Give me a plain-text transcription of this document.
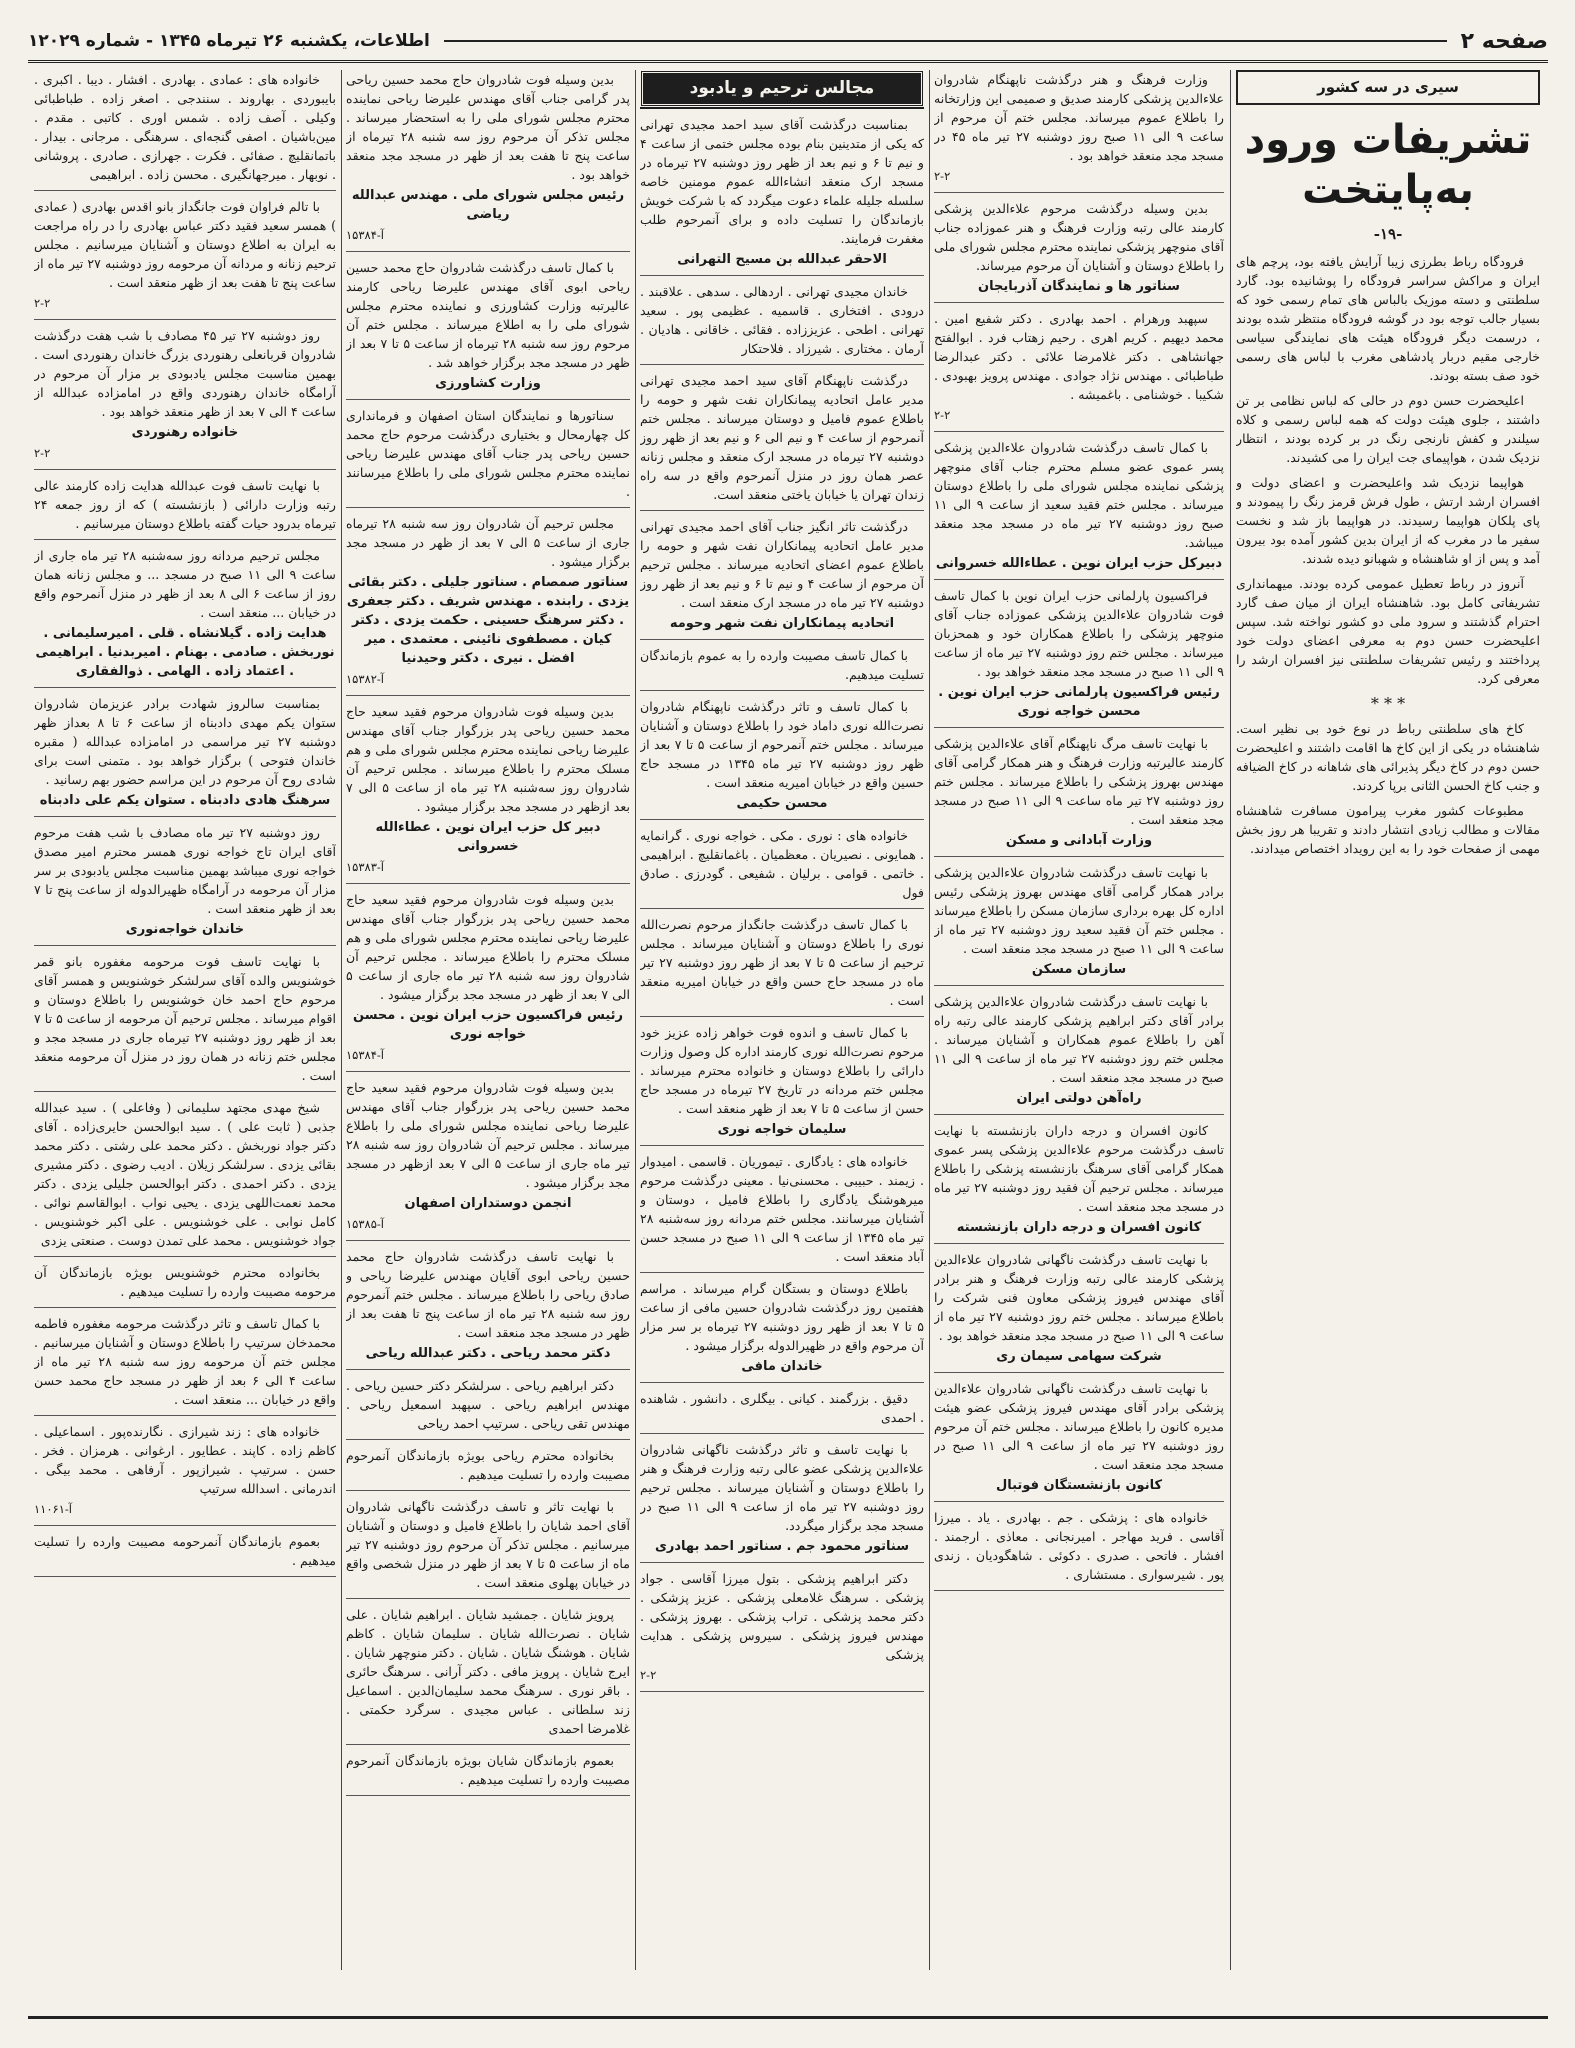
صفحه ۲
اطلاعات، یکشنبه ۲۶ تیرماه ۱۳۴۵ - شماره ۱۲۰۲۹
سیری در سه کشور
تشریفات ورود به‌پایتخت
-۱۹-

فرودگاه رباط بطرزی زیبا آرایش یافته بود، پرچم های ایران و مراکش سراسر فرودگاه را پوشانیده بود. گارد سلطنتی و دسته موزیک بالباس های تمام رسمی خود که بسیار جالب توجه بود در گوشه فرودگاه منتظر شده بودند ، درسمت دیگر فرودگاه هیئت های نمایندگی سیاسی خارجی مقیم دربار پادشاهی مغرب با لباس های رسمی خود صف بسته بودند.

اعلیحضرت حسن دوم در حالی که لباس نظامی بر تن داشتند ، جلوی هیئت دولت که همه لباس رسمی و کلاه سیلندر و کفش نارنجی رنگ در بر کرده بودند ، انتظار نزدیک شدن ، هواپیمای جت ایران را می کشیدند.

هواپیما نزدیک شد واعلیحضرت و اعضای دولت و افسران ارشد ارتش ، طول فرش قرمز رنگ را پیمودند و پای پلکان هواپیما رسیدند. در هواپیما باز شد و نخست سفیر ما در مغرب که از ایران بدین کشور آمده بود بیرون آمد و پس از او شاهنشاه و شهبانو دیده شدند.

آنروز در رباط تعطیل عمومی کرده بودند. میهمانداری تشریفاتی کامل بود. شاهنشاه ایران از میان صف گارد احترام گذشتند و سرود ملی دو کشور نواخته شد. سپس اعلیحضرت حسن دوم به معرفی اعضای دولت خود پرداختند و رئیس تشریفات سلطنتی نیز افسران ارشد را معرفی کرد.

* * *

کاخ های سلطنتی رباط در نوع خود بی نظیر است. شاهنشاه در یکی از این کاخ ها اقامت داشتند و اعلیحضرت حسن دوم در کاخ دیگر پذیرائی های شاهانه در کاخ الضیافه و جنب کاخ الحسن الثانی برپا کردند.

مطبوعات کشور مغرب پیرامون مسافرت شاهنشاه مقالات و مطالب زیادی انتشار دادند و تقریبا هر روز بخش مهمی از صفحات خود را به این رویداد اختصاص میدادند.

وزارت فرهنگ و هنر درگذشت ناپهنگام شادروان علاءالدین پزشکی کارمند صدیق و صمیمی این وزارتخانه را باطلاع عموم میرساند. مجلس ختم آن مرحوم از ساعت ۹ الی ۱۱ صبح روز دوشنبه ۲۷ تیر ماه ۴۵ در مسجد مجد منعقد خواهد بود .

۲-۲

بدین وسیله درگذشت مرحوم علاءالدین پزشکی کارمند عالی رتبه وزارت فرهنگ و هنر عموزاده جناب آقای منوچهر پزشکی نماینده محترم مجلس شورای ملی را باطلاع دوستان و آشنایان آن مرحوم میرساند.

سناتور ها و نمایندگان آذربایجان

سپهبد ورهرام . احمد بهادری . دکتر شفیع امین . محمد دیهیم . کریم اهری . رحیم زهتاب فرد . ابوالفتح جهانشاهی . دکتر غلامرضا علائی . دکتر عبدالرضا طباطبائی . مهندس نژاد جوادی . مهندس پرویز بهبودی . شکیبا . خوشنامی . باغمیشه .

۲-۲

با کمال تاسف درگذشت شادروان علاءالدین پزشکی پسر عموی عضو مسلم محترم جناب آقای منوچهر پزشکی نماینده مجلس شورای ملی را باطلاع دوستان میرساند . مجلس ختم فقید سعید از ساعت ۹ الی ۱۱ صبح روز دوشنبه ۲۷ تیر ماه در مسجد مجد منعقد میباشد.

دبیرکل حزب ایران نوین . عطاءالله خسروانی

فراکسیون پارلمانی حزب ایران نوین با کمال تاسف فوت شادروان علاءالدین پزشکی عموزاده جناب آقای منوچهر پزشکی را باطلاع همکاران خود و همحزبان میرساند . مجلس ختم روز دوشنبه ۲۷ تیر ماه از ساعت ۹ الی ۱۱ صبح در مسجد مجد منعقد خواهد بود .

رئیس فراکسیون پارلمانی حزب ایران نوین . محسن خواجه نوری

با نهایت تاسف مرگ ناپهنگام آقای علاءالدین پزشکی کارمند عالیرتبه وزارت فرهنگ و هنر همکار گرامی آقای مهندس بهروز پزشکی را باطلاع میرساند . مجلس ختم روز دوشنبه ۲۷ تیر ماه ساعت ۹ الی ۱۱ صبح در مسجد مجد منعقد است .

وزارت آبادانی و مسکن

با نهایت تاسف درگذشت شادروان علاءالدین پزشکی برادر همکار گرامی آقای مهندس بهروز پزشکی رئیس اداره کل بهره برداری سازمان مسکن را باطلاع میرساند . مجلس ختم آن فقید سعید روز دوشنبه ۲۷ تیر ماه از ساعت ۹ الی ۱۱ صبح در مسجد مجد منعقد است .

سازمان مسکن

با نهایت تاسف درگذشت شادروان علاءالدین پزشکی برادر آقای دکتر ابراهیم پزشکی کارمند عالی رتبه راه آهن را باطلاع عموم همکاران و آشنایان میرساند . مجلس ختم روز دوشنبه ۲۷ تیر ماه از ساعت ۹ الی ۱۱ صبح در مسجد مجد منعقد است .

راه‌آهن دولتی ایران

کانون افسران و درجه داران بازنشسته با نهایت تاسف درگذشت مرحوم علاءالدین پزشکی پسر عموی همکار گرامی آقای سرهنگ بازنشسته پزشکی را باطلاع میرساند . مجلس ترحیم آن فقید روز دوشنبه ۲۷ تیر ماه در مسجد مجد منعقد است .

کانون افسران و درجه داران بازنشسته

با نهایت تاسف درگذشت ناگهانی شادروان علاءالدین پزشکی کارمند عالی رتبه وزارت فرهنگ و هنر برادر آقای مهندس فیروز پزشکی معاون فنی شرکت را باطلاع میرساند . مجلس ختم روز دوشنبه ۲۷ تیر ماه از ساعت ۹ الی ۱۱ صبح در مسجد مجد منعقد خواهد بود .

شرکت سهامی سیمان ری

با نهایت تاسف درگذشت ناگهانی شادروان علاءالدین پزشکی برادر آقای مهندس فیروز پزشکی عضو هیئت مدیره کانون را باطلاع میرساند . مجلس ختم آن مرحوم روز دوشنبه ۲۷ تیر ماه از ساعت ۹ الی ۱۱ صبح در مسجد مجد منعقد است .

کانون بازنشستگان فوتبال

خانواده های : پزشکی . جم . بهادری . یاد . میرزا آقاسی . فرید مهاجر . امیرنجانی . معاذی . ارجمند . افشار . فاتحی . صدری . دکوئی . شاهگودیان . زندی پور . شیرسواری . مستشاری .

مجالس ترحیم و یادبود

بمناسبت درگذشت آقای سید احمد مجیدی تهرانی که یکی از متدینین بنام بوده مجلس ختمی از ساعت ۴ و نیم تا ۶ و نیم بعد از ظهر روز دوشنبه ۲۷ تیرماه در مسجد ارک منعقد انشاءالله عموم مومنین خاصه سلسله جلیله علماء دعوت میگردد که با شرکت خویش بازماندگان را تسلیت داده و برای آنمرحوم طلب مغفرت فرمایند.

الاحقر عبدالله بن مسیح التهرانی

خاندان مجیدی تهرانی . اردهالی . سدهی . علاقبند . درودی . افتخاری . قاسمیه . عظیمی پور . سعید تهرانی . اطحی . عزیززاده . فقائی . خاقانی . هادیان . آرمان . مختاری . شیرزاد . فلاحتکار

درگذشت ناپهنگام آقای سید احمد مجیدی تهرانی مدیر عامل اتحادیه پیمانکاران نفت شهر و حومه را باطلاع عموم فامیل و دوستان میرساند . مجلس ختم آنمرحوم از ساعت ۴ و نیم الی ۶ و نیم بعد از ظهر روز دوشنبه ۲۷ تیرماه در مسجد ارک منعقد و مجلس زنانه عصر همان روز در منزل آنمرحوم واقع در سه راه زندان تهران یا خیابان یاختی منعقد است.

درگذشت تاثر انگیز جناب آقای احمد مجیدی تهرانی مدیر عامل اتحادیه پیمانکاران نفت شهر و حومه را باطلاع عموم اعضای اتحادیه میرساند . مجلس ترحیم آن مرحوم از ساعت ۴ و نیم تا ۶ و نیم بعد از ظهر روز دوشنبه ۲۷ تیر ماه در مسجد ارک منعقد است .

اتحادیه پیمانکاران نفت شهر وحومه

با کمال تاسف مصیبت وارده را به عموم بازماندگان تسلیت میدهیم.

با کمال تاسف و تاثر درگذشت ناپهنگام شادروان نصرت‌الله نوری داماد خود را باطلاع دوستان و آشنایان میرساند . مجلس ختم آنمرحوم از ساعت ۵ تا ۷ بعد از ظهر روز دوشنبه ۲۷ تیر ماه ۱۳۴۵ در مسجد حاج حسین واقع در خیابان امیریه منعقد است .

محسن حکیمی

خانواده های : نوری . مکی . خواجه نوری . گرانمایه . همایونی . نصیریان . معظمیان . باغمانقلیچ . ابراهیمی . خاتمی . قوامی . برلیان . شفیعی . گودرزی . صادق فول

با کمال تاسف درگذشت جانگداز مرحوم نصرت‌الله نوری را باطلاع دوستان و آشنایان میرساند . مجلس ترحیم از ساعت ۵ تا ۷ بعد از ظهر روز دوشنبه ۲۷ تیر ماه در مسجد حاج حسن واقع در خیابان امیریه منعقد است .

با کمال تاسف و اندوه فوت خواهر زاده عزیز خود مرحوم نصرت‌الله نوری کارمند اداره کل وصول وزارت دارائی را باطلاع دوستان و خانواده محترم میرساند . مجلس ختم مردانه در تاریخ ۲۷ تیرماه در مسجد حاج حسن از ساعت ۵ تا ۷ بعد از ظهر منعقد است .

سلیمان خواجه نوری

خانواده های : یادگاری . تیموریان . قاسمی . امیدوار . زیمند . حبیبی . محسنی‌نیا . معینی درگذشت مرحوم میرهوشنگ یادگاری را باطلاع فامیل ، دوستان و آشنایان میرسانند. مجلس ختم مردانه روز سه‌شنبه ۲۸ تیر ماه ۱۳۴۵ از ساعت ۹ الی ۱۱ صبح در مسجد حسن آباد منعقد است .

باطلاع دوستان و بستگان گرام میرساند . مراسم هفتمین روز درگذشت شادروان حسین مافی از ساعت ۵ تا ۷ بعد از ظهر روز دوشنبه ۲۷ تیرماه بر سر مزار آن مرحوم واقع در ظهیرالدوله برگزار میشود .

خاندان مافی

دقیق . بزرگمند . کیانی . بیگلری . دانشور . شاهنده . احمدی

با نهایت تاسف و تاثر درگذشت ناگهانی شادروان علاءالدین پزشکی عضو عالی رتبه وزارت فرهنگ و هنر را باطلاع دوستان و آشنایان میرساند . مجلس ترحیم روز دوشنبه ۲۷ تیر ماه از ساعت ۹ الی ۱۱ صبح در مسجد مجد برگزار میگردد.

سناتور محمود جم . سناتور احمد بهادری

دکتر ابراهیم پزشکی . بتول میرزا آقاسی . جواد پزشکی . سرهنگ غلامعلی پزشکی . عزیز پزشکی . دکتر محمد پزشکی . تراب پزشکی . بهروز پزشکی . مهندس فیروز پزشکی . سیروس پزشکی . هدایت پزشکی

۲-۲

بدین وسیله فوت شادروان حاج محمد حسین ریاحی پدر گرامی جناب آقای مهندس علیرضا ریاحی نماینده محترم مجلس شورای ملی را به استحضار میرساند . مجلس تذکر آن مرحوم روز سه شنبه ۲۸ تیرماه از ساعت پنج تا هفت بعد از ظهر در مسجد مجد منعقد خواهد بود .

رئیس مجلس شورای ملی . مهندس عبدالله ریاضی
آ-۱۵۳۸۴

با کمال تاسف درگذشت شادروان حاج محمد حسین ریاحی ابوی آقای مهندس علیرضا ریاحی کارمند عالیرتبه وزارت کشاورزی و نماینده محترم مجلس شورای ملی را به اطلاع میرساند . مجلس ختم آن مرحوم روز سه شنبه ۲۸ تیرماه از ساعت ۵ تا ۷ بعد از ظهر در مسجد مجد برگزار خواهد شد .

وزارت کشاورزی

سناتورها و نمایندگان استان اصفهان و فرمانداری کل چهارمحال و بختیاری درگذشت مرحوم حاج محمد حسین ریاحی پدر جناب آقای مهندس علیرضا ریاحی نماینده محترم مجلس شورای ملی را باطلاع میرسانند .

مجلس ترحیم آن شادروان روز سه شنبه ۲۸ تیرماه جاری از ساعت ۵ الی ۷ بعد از ظهر در مسجد مجد برگزار میشود .

سناتور صمصام . سناتور جلیلی . دکتر بقائی یزدی . رابنده . مهندس شریف . دکتر جعفری . دکتر سرهنگ حسینی . حکمت یزدی . دکتر کیان . مصطفوی نائینی . معتمدی . میر افضل . نیری . دکتر وحیدنیا
آ-۱۵۳۸۲

بدین وسیله فوت شادروان مرحوم فقید سعید حاج محمد حسین ریاحی پدر بزرگوار جناب آقای مهندس علیرضا ریاحی نماینده محترم مجلس شورای ملی و هم مسلک محترم را باطلاع میرساند . مجلس ترحیم آن شادروان روز سه‌شنبه ۲۸ تیر ماه از ساعت ۵ الی ۷ بعد ازظهر در مسجد مجد برگزار میشود .

دبیر کل حزب ایران نوین . عطاءالله خسروانی
آ-۱۵۳۸۳

بدین وسیله فوت شادروان مرحوم فقید سعید حاج محمد حسین ریاحی پدر بزرگوار جناب آقای مهندس علیرضا ریاحی نماینده محترم مجلس شورای ملی و هم مسلک محترم را باطلاع میرساند . مجلس ترحیم آن شادروان روز سه شنبه ۲۸ تیر ماه جاری از ساعت ۵ الی ۷ بعد از ظهر در مسجد مجد برگزار میشود .

رئیس فراکسیون حزب ایران نوین . محسن خواجه نوری
آ-۱۵۳۸۴

بدین وسیله فوت شادروان مرحوم فقید سعید حاج محمد حسین ریاحی پدر بزرگوار جناب آقای مهندس علیرضا ریاحی نماینده مجلس شورای ملی را باطلاع میرساند . مجلس ترحیم آن شادروان روز سه شنبه ۲۸ تیر ماه جاری از ساعت ۵ الی ۷ بعد ازظهر در مسجد مجد برگزار میشود .

انجمن دوستداران اصفهان
آ-۱۵۳۸۵

با نهایت تاسف درگذشت شادروان حاج محمد حسین ریاحی ابوی آقایان مهندس علیرضا ریاحی و صادق ریاحی را باطلاع میرساند . مجلس ختم آنمرحوم روز سه شنبه ۲۸ تیر ماه از ساعت پنج تا هفت بعد از ظهر در مسجد مجد منعقد است .

دکتر محمد ریاحی . دکتر عبدالله ریاحی

دکتر ابراهیم ریاحی . سرلشکر دکتر حسین ریاحی . مهندس ابراهیم ریاحی . سپهبد اسمعیل ریاحی . مهندس تقی ریاحی . سرتیپ احمد ریاحی

بخانواده محترم ریاحی بویژه بازماندگان آنمرحوم مصیبت وارده را تسلیت میدهیم .

با نهایت تاثر و تاسف درگذشت ناگهانی شادروان آقای احمد شایان را باطلاع فامیل و دوستان و آشنایان میرسانیم . مجلس تذکر آن مرحوم روز دوشنبه ۲۷ تیر ماه از ساعت ۵ تا ۷ بعد از ظهر در منزل شخصی واقع در خیابان پهلوی منعقد است .

پرویز شایان . جمشید شایان . ابراهیم شایان . علی شایان . نصرت‌الله شایان . سلیمان شایان . کاظم شایان . هوشنگ شایان . شایان . دکتر منوچهر شایان . ایرج شایان . پرویز مافی . دکتر آرانی . سرهنگ حائری . باقر نوری . سرهنگ محمد سلیمان‌الدین . اسماعیل زند سلطانی . عباس مجیدی . سرگرد حکمتی . غلامرضا احمدی

بعموم بازماندگان شایان بویژه بازماندگان آنمرحوم مصیبت وارده را تسلیت میدهیم .

خانواده های : عمادی . بهادری . افشار . دیبا . اکبری . بایبوردی . بهاروند . سنندجی . اصغر زاده . طباطبائی وکیلی . آصف زاده . شمس اوری . کاتبی . مقدم . مین‌باشیان . اصفی گنجه‌ای . سرهنگی . مرجانی . بیدار . باتمانقلیچ . صفائی . فکرت . جهرازی . صادری . پروشانی . نوبهار . میرجهانگیری . محسن زاده . ابراهیمی

با تالم فراوان فوت جانگداز بانو اقدس بهادری ( عمادی ) همسر سعید فقید دکتر عباس بهادری را در راه مراجعت به ایران به اطلاع دوستان و آشنایان میرسانیم . مجلس ترحیم زنانه و مردانه آن مرحومه روز دوشنبه ۲۷ تیر ماه از ساعت پنج تا هفت بعد از ظهر منعقد است .

۲-۲

روز دوشنبه ۲۷ تیر ۴۵ مصادف با شب هفت درگذشت شادروان قربانعلی رهنوردی بزرگ خاندان رهنوردی است . بهمین مناسبت مجلس یادبودی بر مزار آن مرحوم در آرامگاه خاندان رهنوردی واقع در امامزاده عبدالله از ساعت ۴ الی ۷ بعد از ظهر منعقد خواهد بود .

خانواده رهنوردی
۲-۲

با نهایت تاسف فوت عبدالله هدایت زاده کارمند عالی رتبه وزارت دارائی ( بازنشسته ) که از روز جمعه ۲۴ تیرماه بدرود حیات گفته باطلاع دوستان میرسانیم .

مجلس ترحیم مردانه روز سه‌شنبه ۲۸ تیر ماه جاری از ساعت ۹ الی ۱۱ صبح در مسجد ... و مجلس زنانه همان روز از ساعت ۶ الی ۸ بعد از ظهر در منزل آنمرحوم واقع در خیابان ... منعقد است .

هدایت زاده . گیلانشاه . قلی . امیرسلیمانی . نوربخش . صادمی . بهنام . امیربدنیا . ابراهیمی . اعتماد زاده . الهامی . ذوالفقاری

بمناسبت سالروز شهادت برادر عزیزمان شادروان ستوان یکم مهدی دادبناه از ساعت ۶ تا ۸ بعداز ظهر دوشنبه ۲۷ تیر مراسمی در امامزاده عبدالله ( مقبره خاندان فتوحی ) برگزار خواهد بود . متمنی است برای شادی روح آن مرحوم در این مراسم حضور بهم رسانید .

سرهنگ هادی دادبناه . ستوان یکم علی دادبناه

روز دوشنبه ۲۷ تیر ماه مصادف با شب هفت مرحوم آقای ایران تاج خواجه نوری همسر محترم امیر مصدق خواجه نوری میباشد بهمین مناسبت مجلس یادبودی بر سر مزار آن مرحومه در آرامگاه ظهیرالدوله از ساعت پنج تا ۷ بعد از ظهر منعقد است .

خاندان خواجه‌نوری

با نهایت تاسف فوت مرحومه مغفوره بانو قمر خوشنویس والده آقای سرلشکر خوشنویس و همسر آقای مرحوم حاج احمد خان خوشنویس را باطلاع دوستان و اقوام میرساند . مجلس ترحیم آن مرحومه از ساعت ۵ تا ۷ بعد از ظهر روز دوشنبه ۲۷ تیرماه جاری در مسجد مجد و مجلس ختم زنانه در همان روز در منزل آن مرحومه منعقد است .

شیخ مهدی مجتهد سلیمانی ( وفاعلی ) . سید عبدالله جذبی ( ثابت علی ) . سید ابوالحسن حایری‌زاده . آقای دکتر جواد نوربخش . دکتر محمد علی رشتی . دکتر محمد بقائی یزدی . سرلشکر زیلان . ادیب رضوی . دکتر مشیری یزدی . دکتر احمدی . دکتر ابوالحسن جلیلی یزدی . دکتر محمد نعمت‌اللهی یزدی . یحیی نواب . ابوالقاسم نوائی . کامل نوابی . علی خوشنویس . علی اکبر خوشنویس . جواد خوشنویس . محمد علی تمدن دوست . صنعتی یزدی

بخانواده محترم خوشنویس بویژه بازماندگان آن مرحومه مصیبت وارده را تسلیت میدهیم .

با کمال تاسف و تاثر درگذشت مرحومه مغفوره فاطمه محمدخان سرتیپ را باطلاع دوستان و آشنایان میرسانیم . مجلس ختم آن مرحومه روز سه شنبه ۲۸ تیر ماه از ساعت ۴ الی ۶ بعد از ظهر در مسجد حاج محمد حسن واقع در خیابان ... منعقد است .

خانواده های : زند شیرازی . نگارنده‌پور . اسماعیلی . کاظم زاده . کاپند . عطایور . ارغوانی . هرمزان . فخر . حسن . سرتیپ . شیراز‌پور . آرفاهی . محمد بیگی . اندرمانی . اسدالله سرتیپ

آ-۱۱۰۶۱

بعموم بازماندگان آنمرحومه مصیبت وارده را تسلیت میدهیم .
